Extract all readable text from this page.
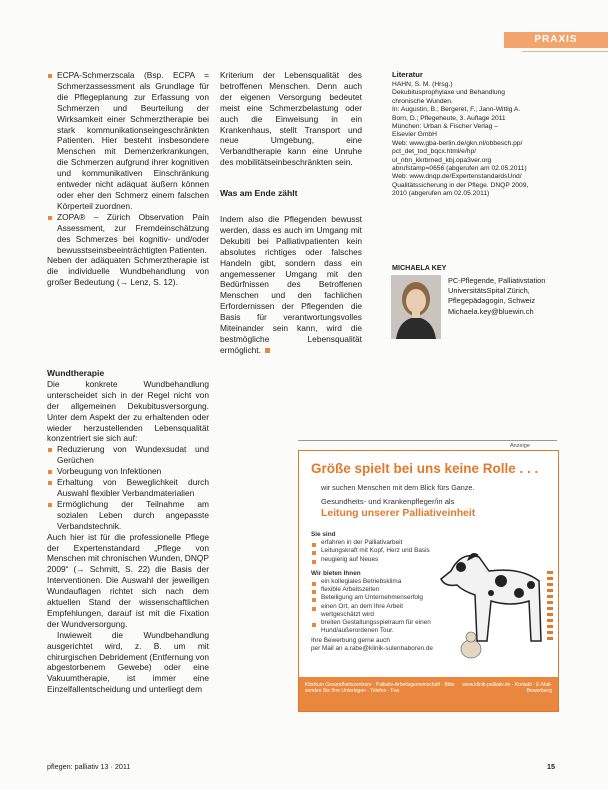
PRAXIS
ECPA-Schmerzscala (Bsp. ECPA = Schmerzassessment als Grundlage für die Pflegeplanung zur Erfassung von Schmerzen und Beurteilung der Wirksamkeit einer Schmerztherapie bei stark kommunikationseingeschränkten Patienten. Hier besteht insbesondere Menschen mit Demenzerkrankungen, die Schmerzen aufgrund ihrer kognitiven und kommunikativen Einschränkung entweder nicht adäquat äußern können oder eher den Schmerz einem falschen Körperteil zuordnen.
ZOPA® – Zürich Observation Pain Assessment, zur Fremdeinschätzung des Schmerzes bei kognitiv- und/oder bewusstseinsbeeinträchtigten Patienten.
Neben der adäquaten Schmerztherapie ist die individuelle Wundbehandlung von großer Bedeutung (→ Lenz, S. 12).
Wundtherapie
Die konkrete Wundbehandlung unterscheidet sich in der Regel nicht von der allgemeinen Dekubitusversorgung. Unter dem Aspekt der zu erhaltenden oder wieder herzustellenden Lebensqualität konzentriert sie sich auf:
Reduzierung von Wundexsudat und Gerüchen
Vorbeugung von Infektionen
Erhaltung von Beweglichkeit durch Auswahl flexibler Verbandmaterialien
Ermöglichung der Teilnahme am sozialen Leben durch angepasste Verbandstechnik.
Auch hier ist für die professionelle Pflege der Expertenstandard „Pflege von Menschen mit chronischen Wunden, DNQP 2009“ (→ Schmitt, S. 22) die Basis der Interventionen. Die Auswahl der jeweiligen Wundauflagen richtet sich nach dem aktuellen Stand der wissenschaftlichen Empfehlungen, darauf ist mit die Fixation der Wundversorgung.
Inwieweit die Wundbehandlung ausgerichtet wird, z. B. um mit chirurgischen Debridement (Entfernung von abgestorbenem Gewebe) oder eine Vakuumtherapie, ist immer eine Einzelfallentscheidung und unterliegt dem
Kriterium der Lebensqualität des betroffenen Menschen. Denn auch der eigenen Versorgung bedeutet meist eine Schmerzbelastung oder auch die Einweisung in ein Krankenhaus, stellt Transport und neue Umgebung, eine Verbandtherapie kann eine Unruhe des mobilitätseinbeschränkten sein.
Was am Ende zählt
Indem also die Pflegenden bewusst werden, dass es auch im Umgang mit Dekubiti bei Palliativpatienten kein absolutes richtiges oder falsches Handeln gibt, sondern dass ein angemessener Umgang mit den Bedürfnissen des Betroffenen Menschen und den fachlichen Erfordernissen der Pflegenden die Basis für verantwortungsvolles Miteinander sein kann, wird die bestmögliche Lebensqualität ermöglicht.
Literatur
HAHN, S. M. (Hrsg.)
Dekubitusprophylaxe und Behandlung
chronische Wunden.
In: Augustin, B.; Bergeret, F.; Jann-Wittig A.
Born, D.; Pflegeheute, 3. Auflage 2011
München: Urban & Fischer Verlag –
Elsevier GmbH
Web: www.gba-berlin.de/gkn.nl/obbesch.pp/
pct_det_tod_bqcx.html/e/hp/
ul_nbn_kkrbrned_kbj.opa3ver.org
abrufstamp=0656 (abgerufen am 02.05.2011)
Web: www.dnqp.de/ExpertenstandardsUnd/
Qualitätssicherung in der Pflege. DNQP 2009,
2010 (abgerufen am 02.05.2011)
MICHAELA KEY
PC-Pflegende, Palliativstation
UniversitätsSpital Zürich,
Pflegepädagogin, Schweiz
Michaela.key@bluewin.ch
Anzeige
Größe spielt bei uns keine Rolle . . .
wir suchen Menschen mit dem Blick fürs Ganze.
Gesundheits- und Krankenpfleger/in als
Leitung unserer Palliativeinheit
Sie sind
erfahren in der Palliativarbeit
Leitungskraft mit Kopf, Herz und Basis
neugierig auf Neues
Wir bieten Ihnen
ein kollegiales Betriebsklima
flexible Arbeitszeiten
Beteiligung am Unternehmenserfolg
einen Ort, an dem Ihre Arbeit wertgeschätzt wird
breiten Gestaltungsspielraum für einen Hund/außerordenen Tour.
Ihre Bewerbung gerne auch
per Mail an a.rabe@klinik-sulenhaboren.de
Klinikum Gesundheitszentrum · Palliativ-Arbeitsgemeinschaft · Bitte senden Sie Ihre Unterlagen · Telefon · Fax
www.klinik-palliativ.de · Kontakt · E-Mail-Bewerbung
pflegen: palliativ 13 · 2011	15
